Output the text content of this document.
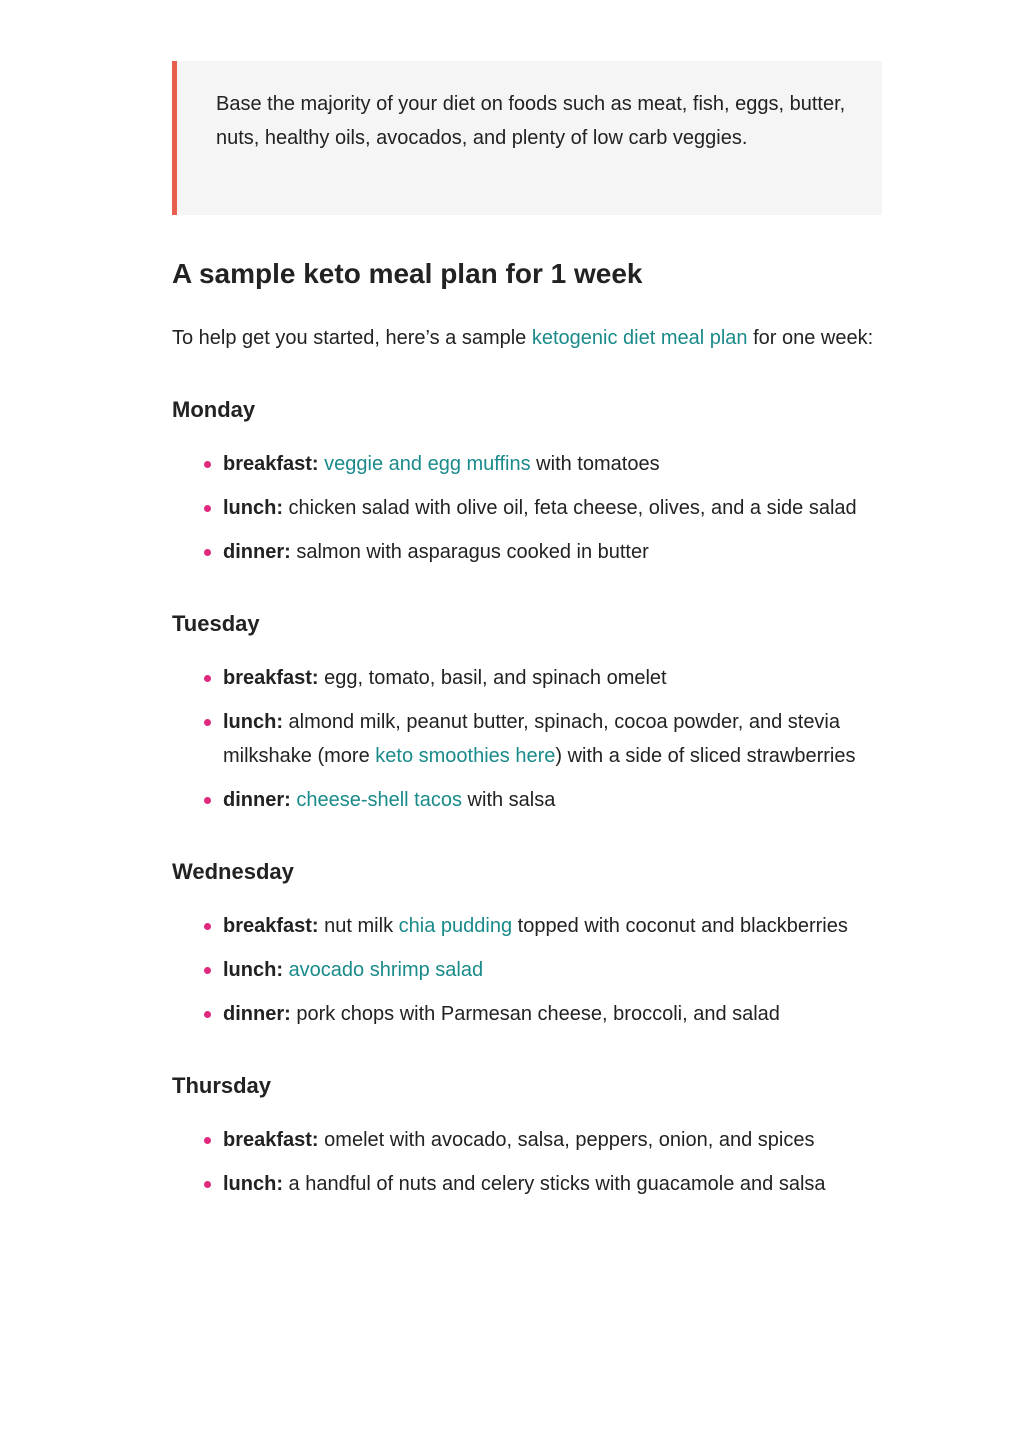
Base the majority of your diet on foods such as meat, fish, eggs, butter, nuts, healthy oils, avocados, and plenty of low carb veggies.
A sample keto meal plan for 1 week

To help get you started, here’s a sample ketogenic diet meal plan for one week:

Monday
breakfast: veggie and egg muffins with tomatoes
lunch: chicken salad with olive oil, feta cheese, olives, and a side salad
dinner: salmon with asparagus cooked in butter
Tuesday
breakfast: egg, tomato, basil, and spinach omelet
lunch: almond milk, peanut butter, spinach, cocoa powder, and stevia milkshake (more keto smoothies here) with a side of sliced strawberries
dinner: cheese-shell tacos with salsa
Wednesday
breakfast: nut milk chia pudding topped with coconut and blackberries
lunch: avocado shrimp salad
dinner: pork chops with Parmesan cheese, broccoli, and salad
Thursday
breakfast: omelet with avocado, salsa, peppers, onion, and spices
lunch: a handful of nuts and celery sticks with guacamole and salsa
